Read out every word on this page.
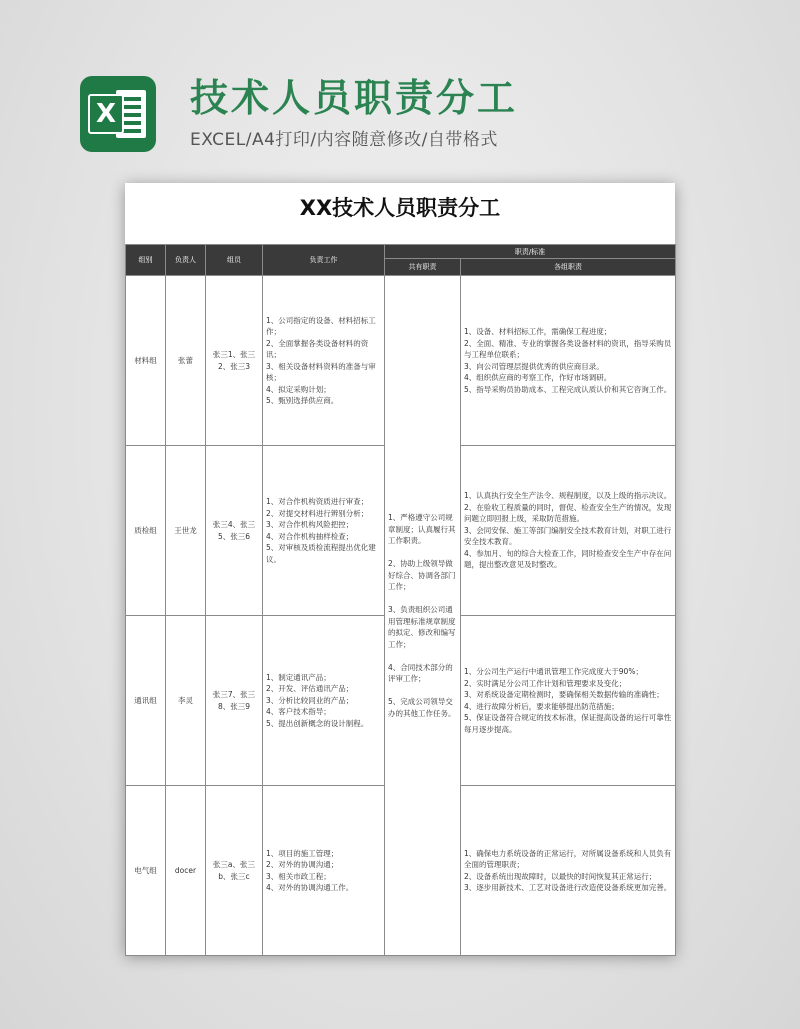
X 技术人员职责分工
EXCEL/A4打印/内容随意修改/自带格式
XX技术人员职责分工
组别	负责人	组员	负责工作	职责/标准	
				共有职责	各组职责
材料组	张蕾	张三1、张三2、张三3	1、公司指定的设备、材料招标工作；
2、全面掌握各类设备材料的资讯；
3、相关设备材料资料的准备与审核；
4、拟定采购计划；
5、甄别选择供应商。	1、严格遵守公司规章制度；认真履行其工作职责。

2、协助上级领导做好综合、协调各部门工作；

3、负责组织公司通用管理标准规章制度的拟定、修改和编写工作；

4、合同技术部分的评审工作；

5、完成公司领导交办的其他工作任务。	1、设备、材料招标工作，需确保工程进度；
2、全面、精准、专业的掌握各类设备材料的资讯，指导采购员与工程单位联系；
3、向公司管理层提供优秀的供应商目录。
4、组织供应商的考察工作，作好市场调研。
5、指导采购员协助成本、工程完成认质认价和其它咨询工作。
质检组	王世龙	张三4、张三5、张三6	1、对合作机构资质进行审查；
2、对提交材料进行辨别分析；
3、对合作机构风险把控；
4、对合作机构抽样检查；
5、对审核及质检流程提出优化建议。		1、认真执行安全生产法令、规程制度，以及上级的指示决议。
2、在验收工程质量的同时，督促、检查安全生产的情况，发现问题立即回报上级，采取防范措施。
3、会同安保、施工等部门编制安全技术教育计划，对职工进行安全技术教育。
4、参加月、旬的综合大检查工作，同时检查安全生产中存在问题，提出整改意见及时整改。
通讯组	李灵	张三7、张三8、张三9	1、制定通讯产品；
2、开发、评估通讯产品；
3、分析比较同业的产品；
4、客户技术指导；
5、提出创新概念的设计制程。		1、分公司生产运行中通讯管理工作完成度大于90%；
2、实时满足分公司工作计划和管理要求及变化；
3、对系统设备定期检测时，要确保相关数据传输的准确性；
4、进行故障分析后，要求能够提出防范措施；
5、保证设备符合规定的技术标准，保证提高设备的运行可靠性每月逐步提高。
电气组	docer	张三a、张三b、张三c	1、项目的施工管理；
2、对外的协调沟通；
3、相关市政工程；
4、对外的协调沟通工作。		1、确保电力系统设备的正常运行，对所属设备系统和人员负有全面的管理职责；
2、设备系统出现故障时，以最快的时间恢复其正常运行；
3、逐步用新技术、工艺对设备进行改造使设备系统更加完善。
